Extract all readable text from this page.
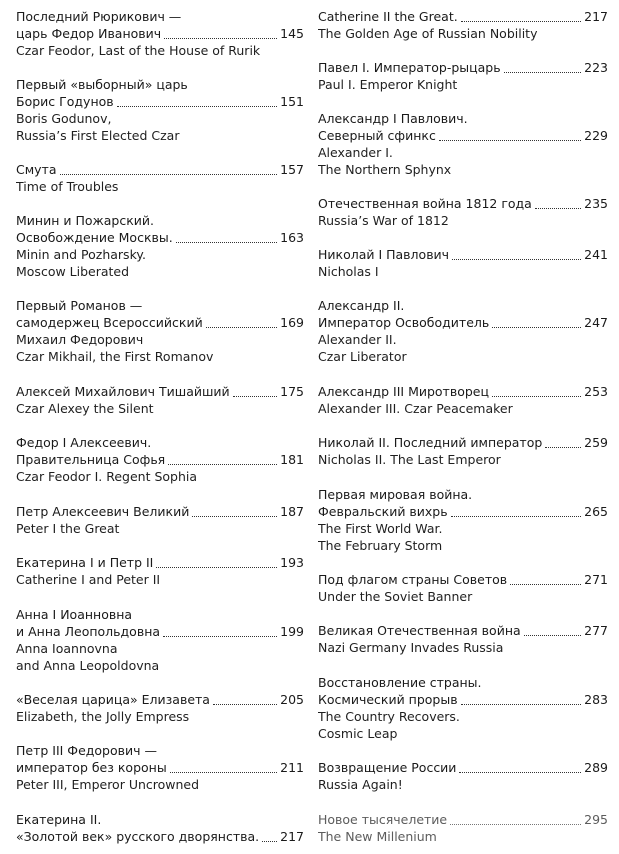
Последний Рюрикович —
царь Федор Иванович	145
Czar Feodor, Last of the House of Rurik
Первый «выборный» царь
Борис Годунов	151
Boris Godunov,
Russia’s First Elected Czar
Смута	157
Time of Troubles
Минин и Пожарский.
Освобождение Москвы.	163
Minin and Pozharsky.
Moscow Liberated
Первый Романов —
самодержец Всероссийский	169
Михаил Федорович
Czar Mikhail, the First Romanov
Алексей Михайлович Тишайший	175
Czar Alexey the Silent
Федор I Алексеевич.
Правительница Софья	181
Czar Feodor I. Regent Sophia
Петр Алексеевич Великий	187
Peter I the Great
Екатерина I и Петр II	193
Catherine I and Peter II
Анна I Иоанновна
и Анна Леопольдовна	199
Anna Ioannovna
and Anna Leopoldovna
«Веселая царица» Елизавета	205
Elizabeth, the Jolly Empress
Петр III Федорович —
император без короны	211
Peter III, Emperor Uncrowned
Екатерина II.
«Золотой век» русского дворянства. 217
Catherine II the Great.	217
The Golden Age of Russian Nobility
Павел I. Император-рыцарь	223
Paul I. Emperor Knight
Александр I Павлович.
Северный сфинкс	229
Alexander I.
The Northern Sphynx
Отечественная война 1812 года	235
Russia’s War of 1812
Николай I Павлович	241
Nicholas I
Александр II.
Император Освободитель	247
Alexander II.
Czar Liberator
Александр III Миротворец	253
Alexander III. Czar Peacemaker
Николай II. Последний император	259
Nicholas II. The Last Emperor
Первая мировая война.
Февральский вихрь	265
The First World War.
The February Storm
Под флагом страны Советов	271
Under the Soviet Banner
Великая Отечественная война	277
Nazi Germany Invades Russia
Восстановление страны.
Космический прорыв	283
The Country Recovers.
Cosmic Leap
Возвращение России	289
Russia Again!
Новое тысячелетие	295
The New Millenium
